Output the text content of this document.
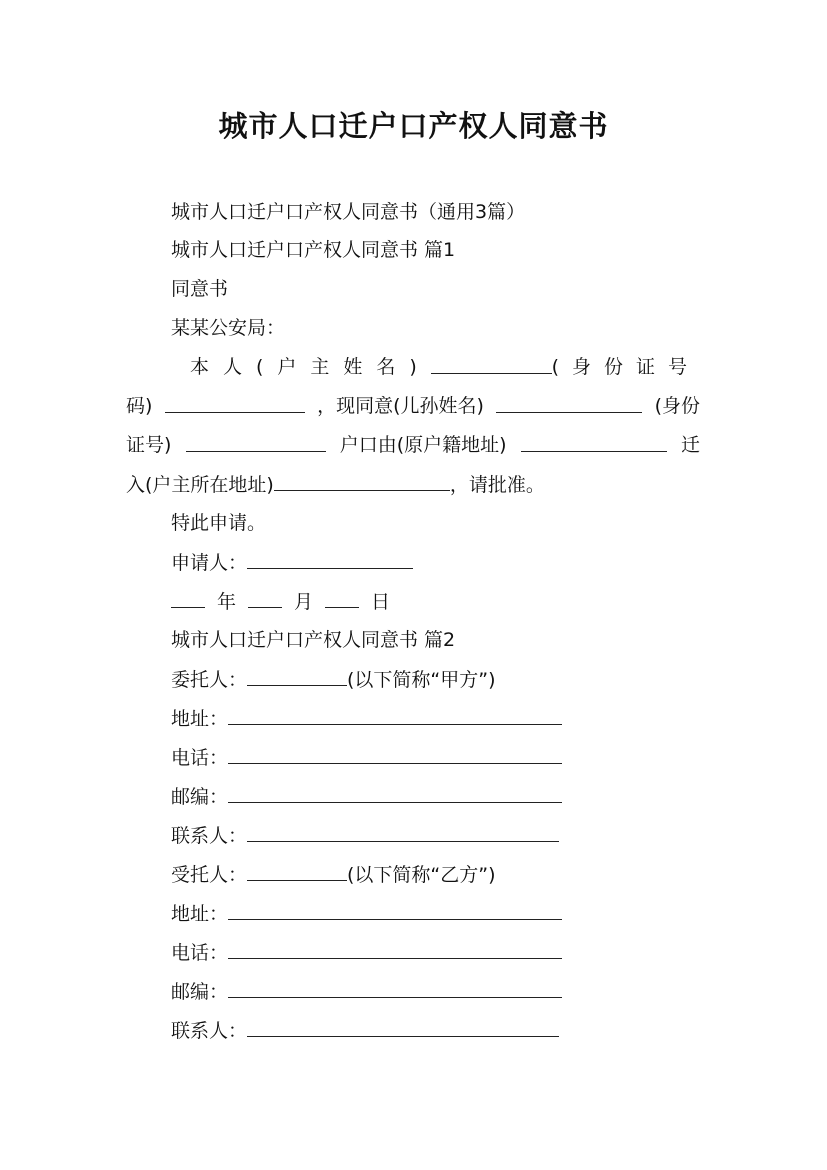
城市人口迁户口产权人同意书
城市人口迁户口产权人同意书（通用3篇）
城市人口迁户口产权人同意书 篇1
同意书
某某公安局：
本人(户主姓名)	(身份证号
码)	，现同意(儿孙姓名)	(身份
证号)	户口由(原户籍地址)	迁
入(户主所在地址)	，请批准。
特此申请。
申请人：
年	月	日
城市人口迁户口产权人同意书 篇2
委托人：	(以下简称“甲方”)
地址：
电话：
邮编：
联系人：
受托人：	(以下简称“乙方”)
地址：
电话：
邮编：
联系人：
